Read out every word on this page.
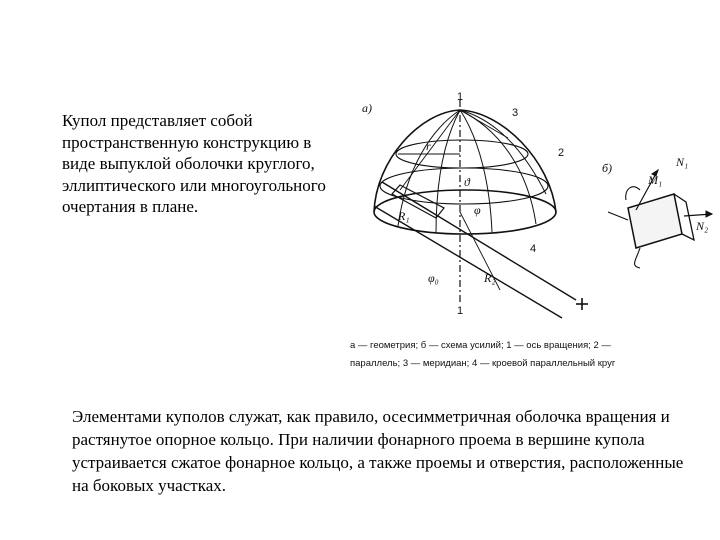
Купол представляет собой пространственную конструкцию в виде выпуклой оболочки круглого, эллиптического или многоугольного очертания в плане.

а)
1
1
3
2
4
r
ϑ
φ
R₁
R₂
φ₀
б)
M₁
N₁
N₂
а — геометрия; б — схема усилий; 1 — ось вращения; 2 —
параллель; 3 — меридиан; 4 — кроевой параллельный круг

Элементами куполов служат, как правило, осесимметричная оболочка вращения и растянутое опорное кольцо. При наличии фонарного проема в вершине купола устраивается сжатое фонарное кольцо, а также проемы и отверстия, расположенные на боковых участках.
